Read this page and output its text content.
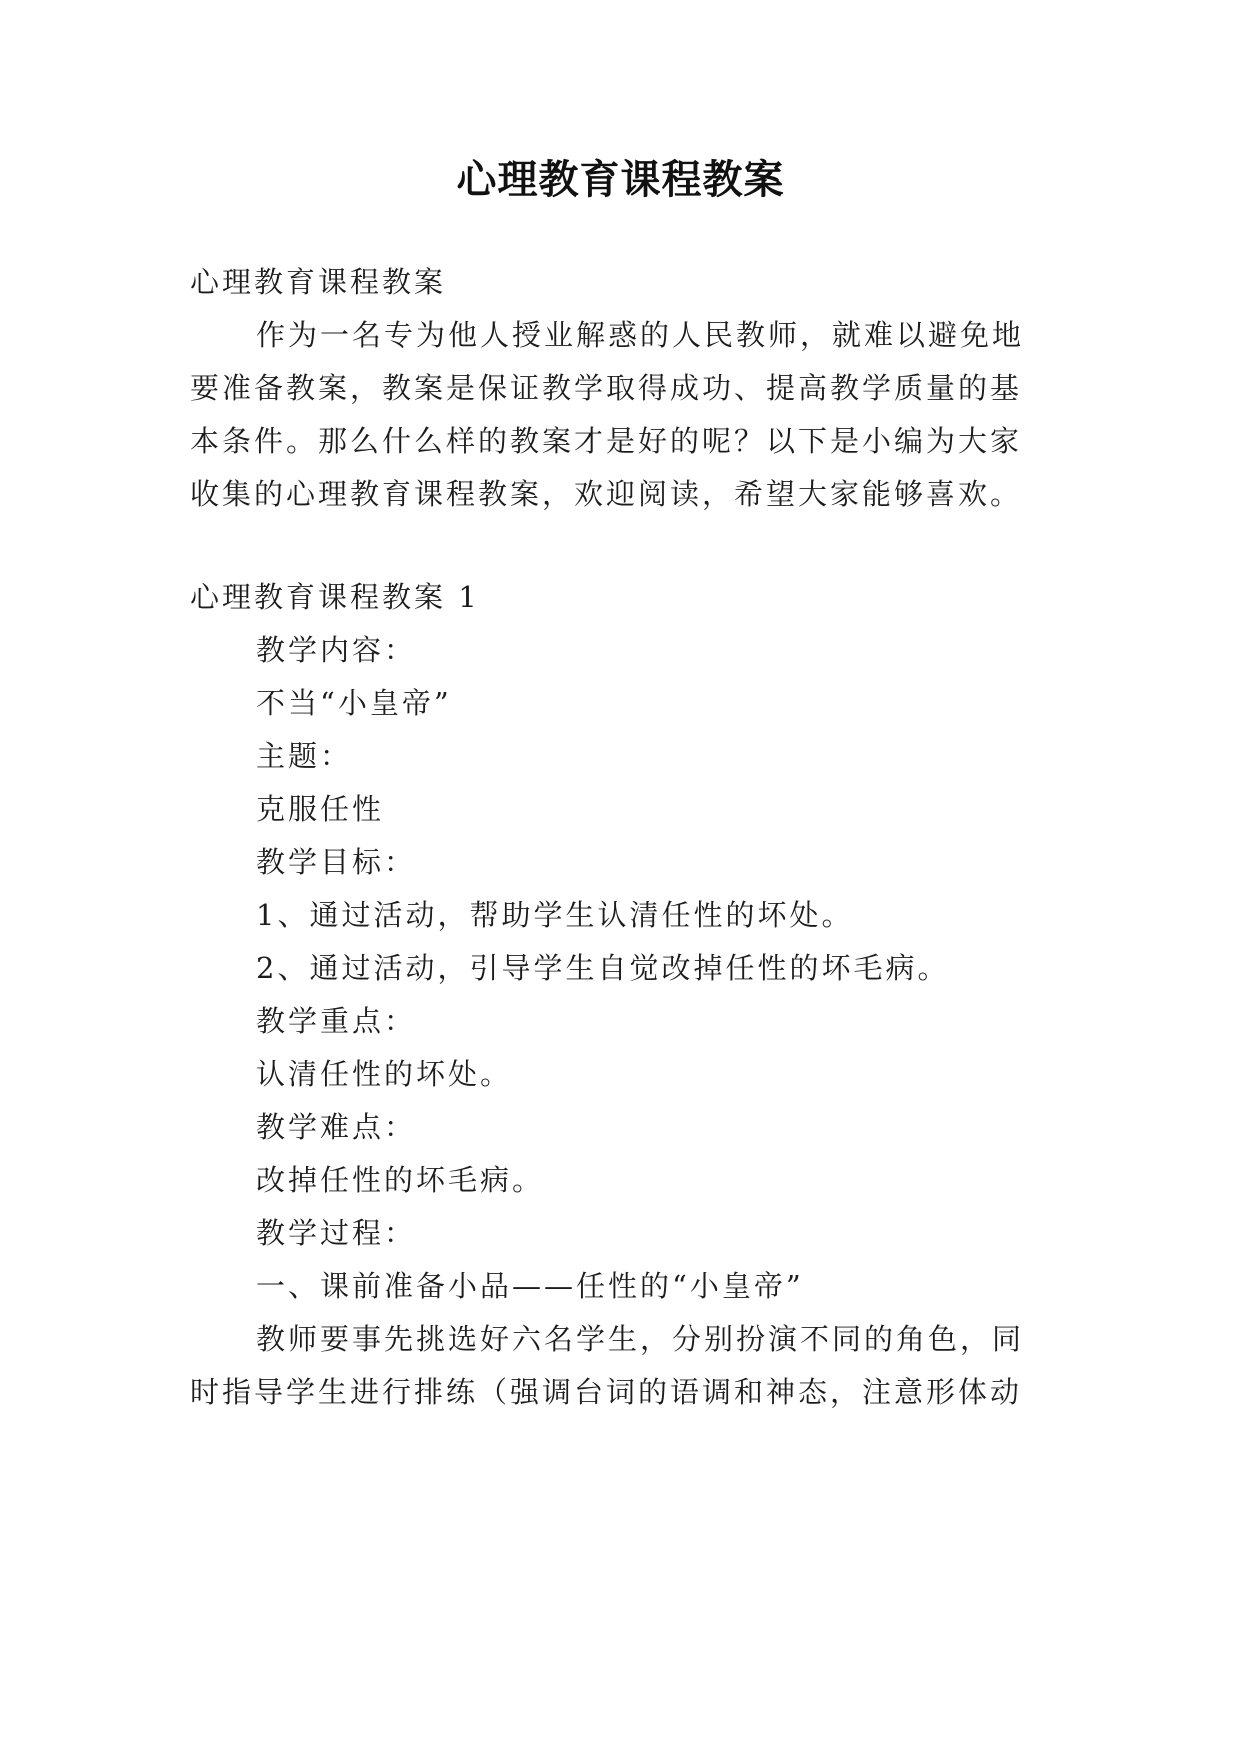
心理教育课程教案
心理教育课程教案
作为一名专为他人授业解惑的人民教师，就难以避免地
要准备教案，教案是保证教学取得成功、提高教学质量的基
本条件。那么什么样的教案才是好的呢？以下是小编为大家
收集的心理教育课程教案，欢迎阅读，希望大家能够喜欢。
心理教育课程教案 1
教学内容：
不当“小皇帝”
主题：
克服任性
教学目标：
1、通过活动，帮助学生认清任性的坏处。
2、通过活动，引导学生自觉改掉任性的坏毛病。
教学重点：
认清任性的坏处。
教学难点：
改掉任性的坏毛病。
教学过程：
一、课前准备小品——任性的“小皇帝”
教师要事先挑选好六名学生，分别扮演不同的角色，同
时指导学生进行排练（强调台词的语调和神态，注意形体动
